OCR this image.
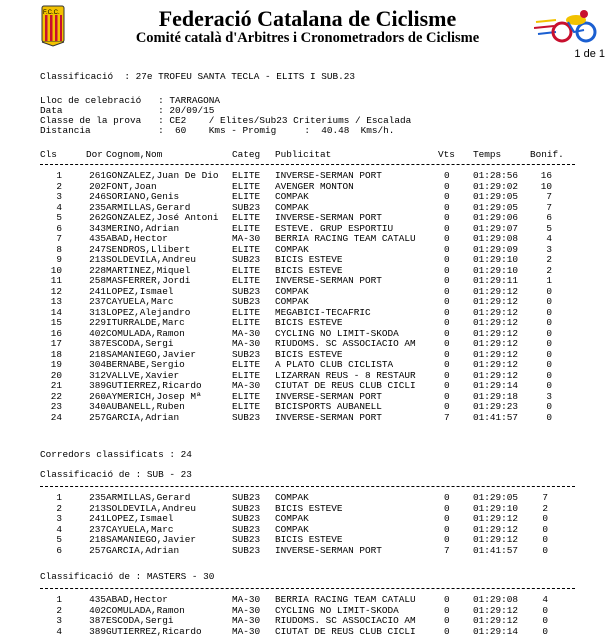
F.C.C.	Federació Catalana de Ciclisme
Comité català d'Arbitres i Cronometradors de Ciclisme
1 de 1
Classificació  : 27e TROFEU SANTA TECLA - ELITS I SUB.23
Lloc de celebració   : TARRAGONA
Data                 : 20/09/15
Classe de la prova   : CE2    / Elites/Sub23 Criteriums / Escalada
Distancia            :  60    Kms - Promig     :  40.48  Kms/h.
Cls	Dor Cognom,Nom	Categ Publicitat	Vts Temps	Bonif.
1	261 GONZALEZ,Juan De Dio ELITE INVERSE-SERMAN PORT	0 01:28:56 16
2	202 FONT,Joan	ELITE AVENGER MONTON	0 01:29:02 10
3	246 SORIANO,Genis	ELITE COMPAK	0 01:29:05	7
4	235 ARMILLAS,Gerard	SUB23 COMPAK	0 01:29:05	7
5	262 GONZALEZ,José Antoni ELITE INVERSE-SERMAN PORT	0 01:29:06	6
6	343 MERINO,Adrian	ELITE ESTEVE. GRUP ESPORTIU	0 01:29:07	5
7	435 ABAD,Hector	MA-30 BERRIA RACING TEAM CATALU	0 01:29:08	4
8	247 SENDROS,Llibert	ELITE COMPAK	0 01:29:09	3
9	213 SOLDEVILA,Andreu	SUB23 BICIS ESTEVE	0 01:29:10	2
10	228 MARTINEZ,Miquel	ELITE BICIS ESTEVE	0 01:29:10	2
11	258 MASFERRER,Jordi	ELITE INVERSE-SERMAN PORT	0 01:29:11	1
12	241 LOPEZ,Ismael	SUB23 COMPAK	0 01:29:12	0
13	237 CAYUELA,Marc	SUB23 COMPAK	0 01:29:12	0
14	313 LOPEZ,Alejandro	ELITE MEGABICI-TECAFRIC	0 01:29:12	0
15	229 ITURRALDE,Marc	ELITE BICIS ESTEVE	0 01:29:12	0
16	402 COMULADA,Ramon	MA-30 CYCLING NO LIMIT-SKODA	0 01:29:12	0
17	387 ESCODA,Sergi	MA-30 RIUDOMS. SC ASSOCIACIO AM	0 01:29:12	0
18	218 SAMANIEGO,Javier	SUB23 BICIS ESTEVE	0 01:29:12	0
19	304 BERNABE,Sergio	ELITE A PLATO CLUB CICLISTA	0 01:29:12	0
20	312 VALLVE,Xavier	ELITE LIZARRAN REUS - 8 RESTAUR	0 01:29:12	0
21	389 GUTIERREZ,Ricardo	MA-30 CIUTAT DE REUS CLUB CICLI	0 01:29:14	0
22	260 AYMERICH,Josep Mª	ELITE INVERSE-SERMAN PORT	0 01:29:18	3
23	340 AUBANELL,Ruben	ELITE BICISPORTS AUBANELL	0 01:29:23	0
24	257 GARCIA,Adrian	SUB23 INVERSE-SERMAN PORT	7 01:41:57	0
Corredors classificats : 24
Classificació de : SUB - 23
1	235 ARMILLAS,Gerard	SUB23 COMPAK	0 01:29:05	7
2	213 SOLDEVILA,Andreu	SUB23 BICIS ESTEVE	0 01:29:10	2
3	241 LOPEZ,Ismael	SUB23 COMPAK	0 01:29:12	0
4	237 CAYUELA,Marc	SUB23 COMPAK	0 01:29:12	0
5	218 SAMANIEGO,Javier	SUB23 BICIS ESTEVE	0 01:29:12	0
6	257 GARCIA,Adrian	SUB23 INVERSE-SERMAN PORT	7 01:41:57	0
Classificació de : MASTERS - 30
1	435 ABAD,Hector	MA-30 BERRIA RACING TEAM CATALU	0 01:29:08	4
2	402 COMULADA,Ramon	MA-30 CYCLING NO LIMIT-SKODA	0 01:29:12	0
3	387 ESCODA,Sergi	MA-30 RIUDOMS. SC ASSOCIACIO AM	0 01:29:12	0
4	389 GUTIERREZ,Ricardo	MA-30 CIUTAT DE REUS CLUB CICLI	0 01:29:14	0
